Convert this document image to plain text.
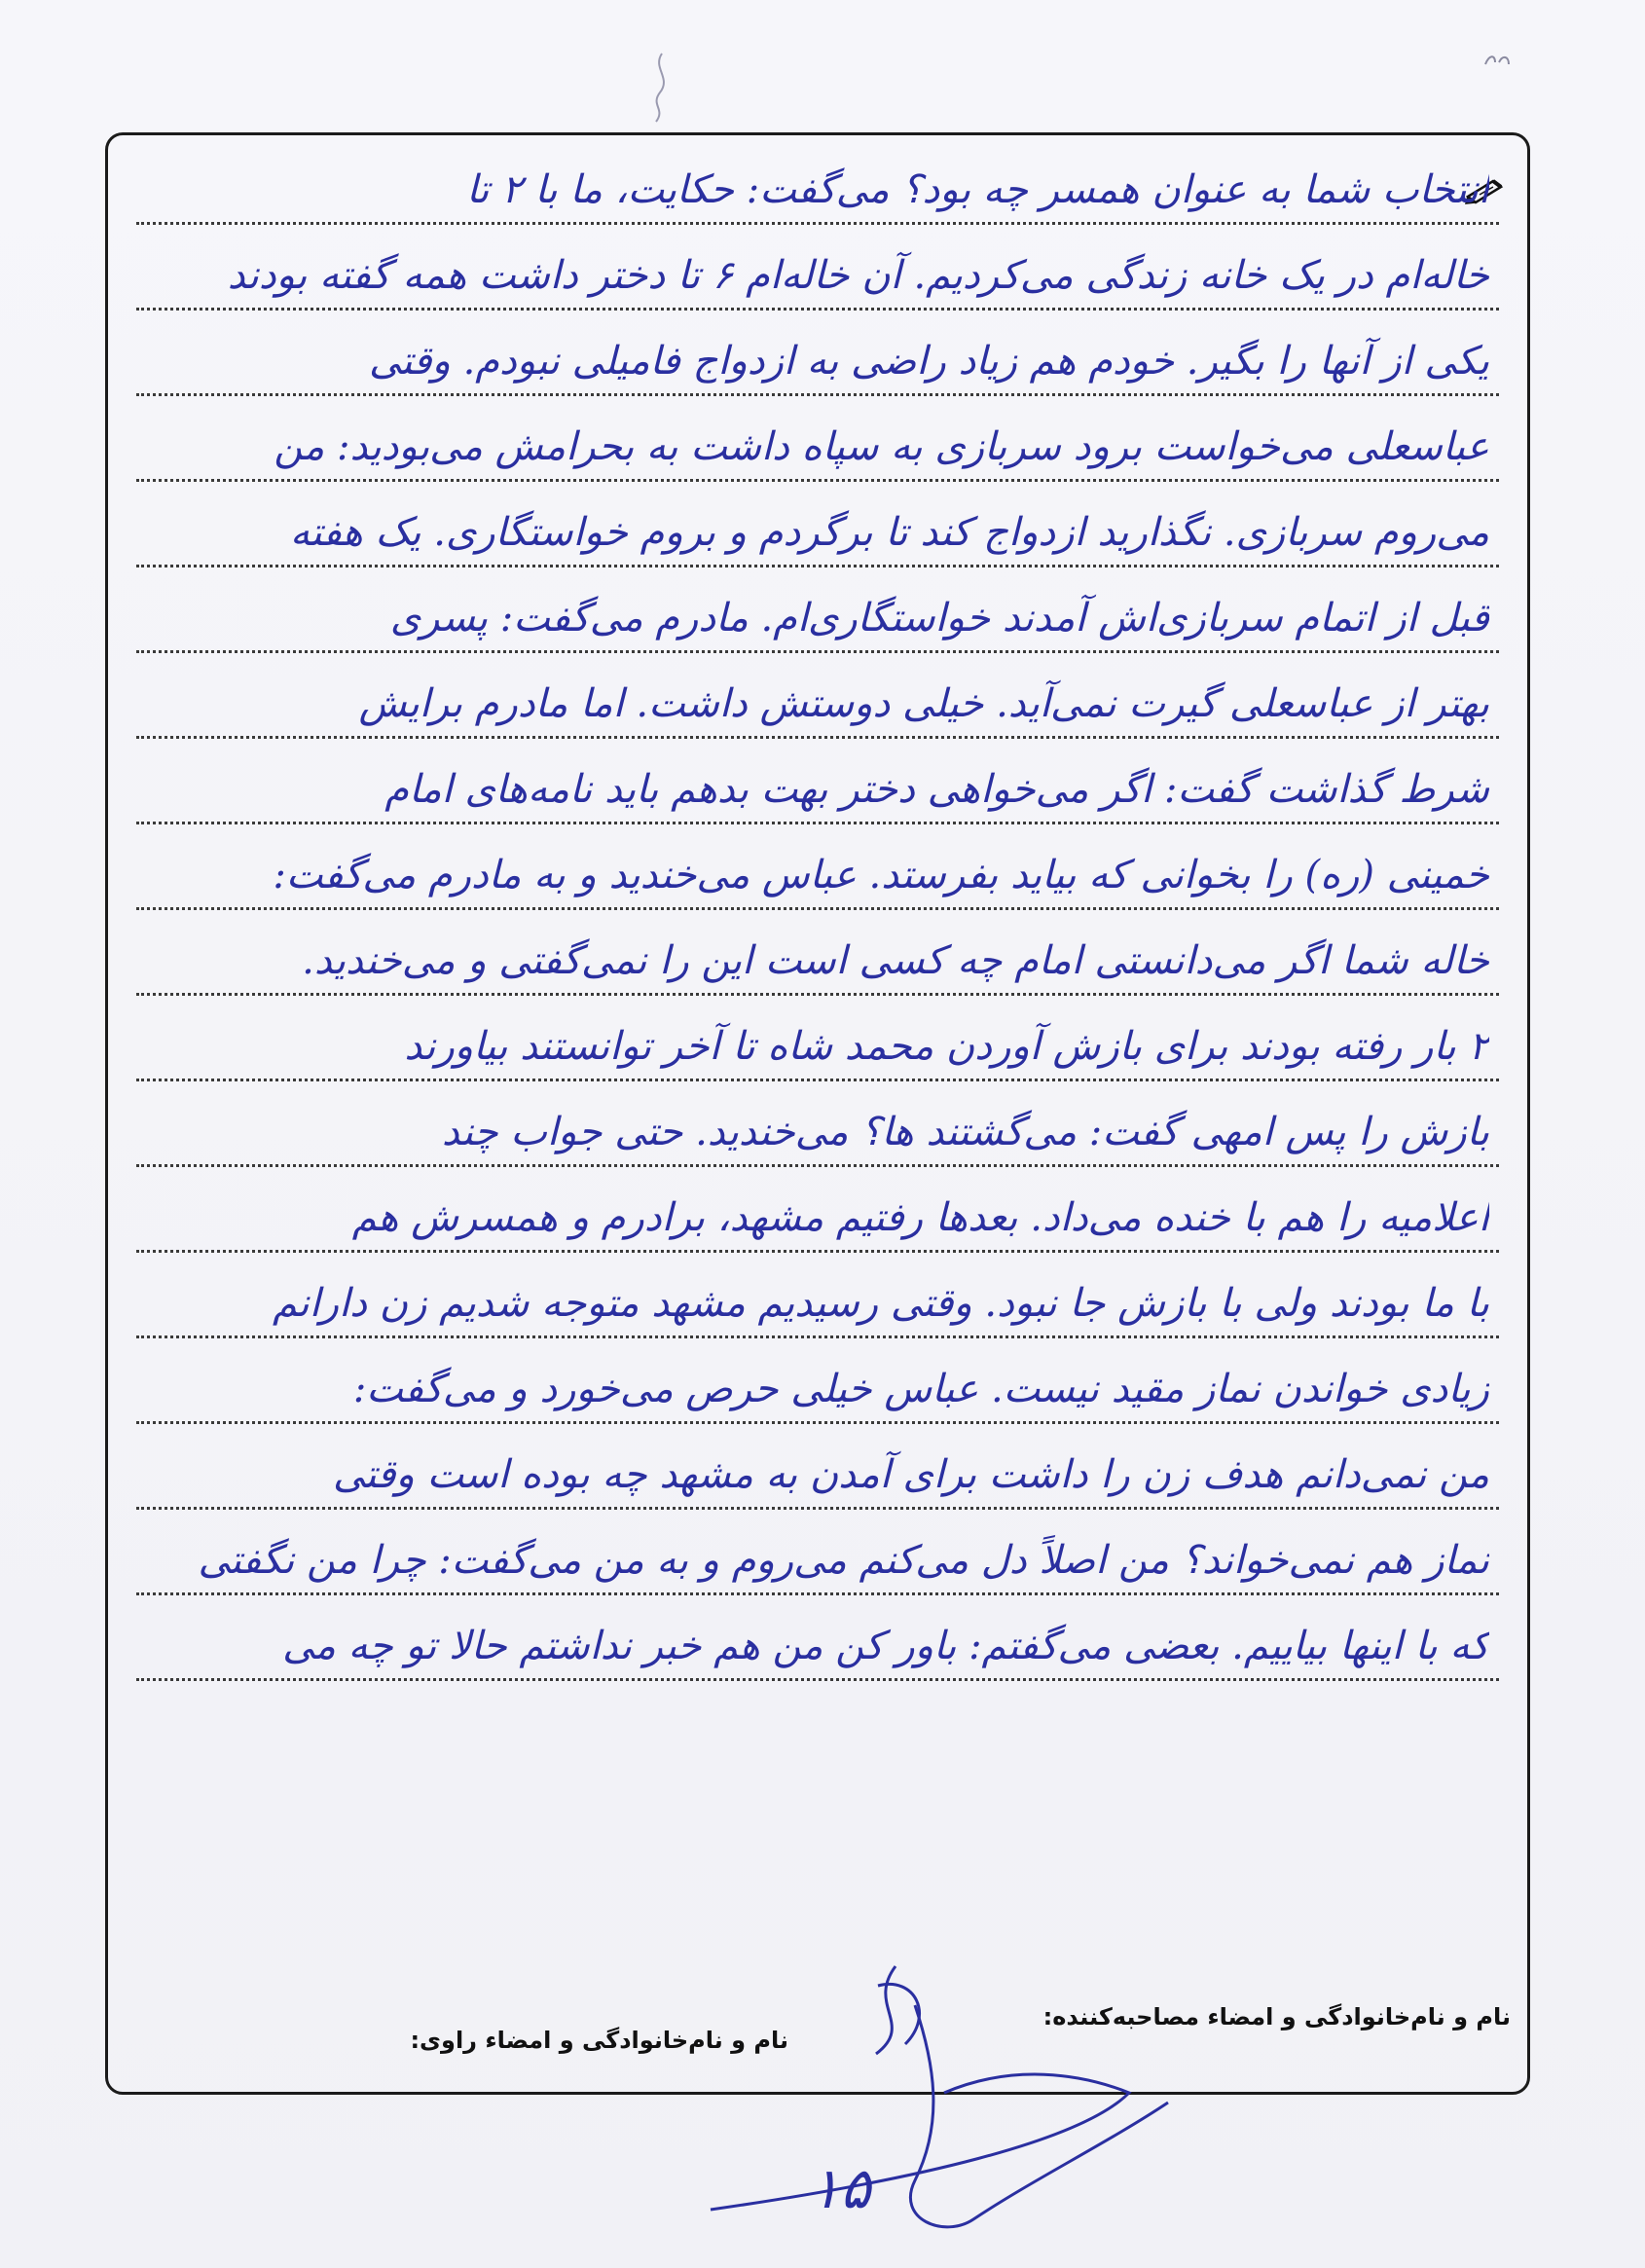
انتخاب شما به عنوان همسر چه بود؟ می‌گفت: حکایت، ما با ۲ تا
خاله‌ام در یک خانه زندگی می‌کردیم. آن خاله‌ام ۶ تا دختر داشت همه گفته بودند
یکی از آنها را بگیر. خودم هم زیاد راضی به ازدواج فامیلی نبودم. وقتی
عباسعلی می‌خواست برود سربازی به سپاه داشت به بحرامش می‌بودید: من
می‌روم سربازی. نگذارید ازدواج کند تا برگردم و بروم خواستگاری. یک هفته
قبل از اتمام سربازی‌اش آمدند خواستگاری‌ام. مادرم می‌گفت: پسری
بهتر از عباسعلی گیرت نمی‌آید. خیلی دوستش داشت. اما مادرم برایش
شرط گذاشت گفت: اگر می‌خواهی دختر بهت بدهم باید نامه‌های امام
خمینی (ره) را بخوانی که بیاید بفرستد. عباس می‌خندید و به مادرم می‌گفت:
خاله شما اگر می‌دانستی امام چه کسی است این را نمی‌گفتی و می‌خندید.
۲ بار رفته بودند برای بازش آوردن محمد شاه تا آخر توانستند بیاورند
بازش را پس امهی گفت: می‌گشتند ها؟ می‌خندید. حتی جواب چند
اعلامیه را هم با خنده می‌داد. بعدها رفتیم مشهد، برادرم و همسرش هم
با ما بودند ولی با بازش جا نبود. وقتی رسیدیم مشهد متوجه شدیم زن دارانم
زیادی خواندن نماز مقید نیست. عباس خیلی حرص می‌خورد و می‌گفت:
من نمی‌دانم هدف زن را داشت برای آمدن به مشهد چه بوده است وقتی
نماز هم نمی‌خواند؟ من اصلاً دل می‌کنم می‌روم و به من می‌گفت: چرا من نگفتی
که با اینها بیاییم. بعضی می‌گفتم: باور کن من هم خبر نداشتم حالا تو چه می‌
نام و نام‌خانوادگی و امضاء مصاحبه‌کننده:
نام و نام‌خانوادگی و امضاء راوی:
۱۵
